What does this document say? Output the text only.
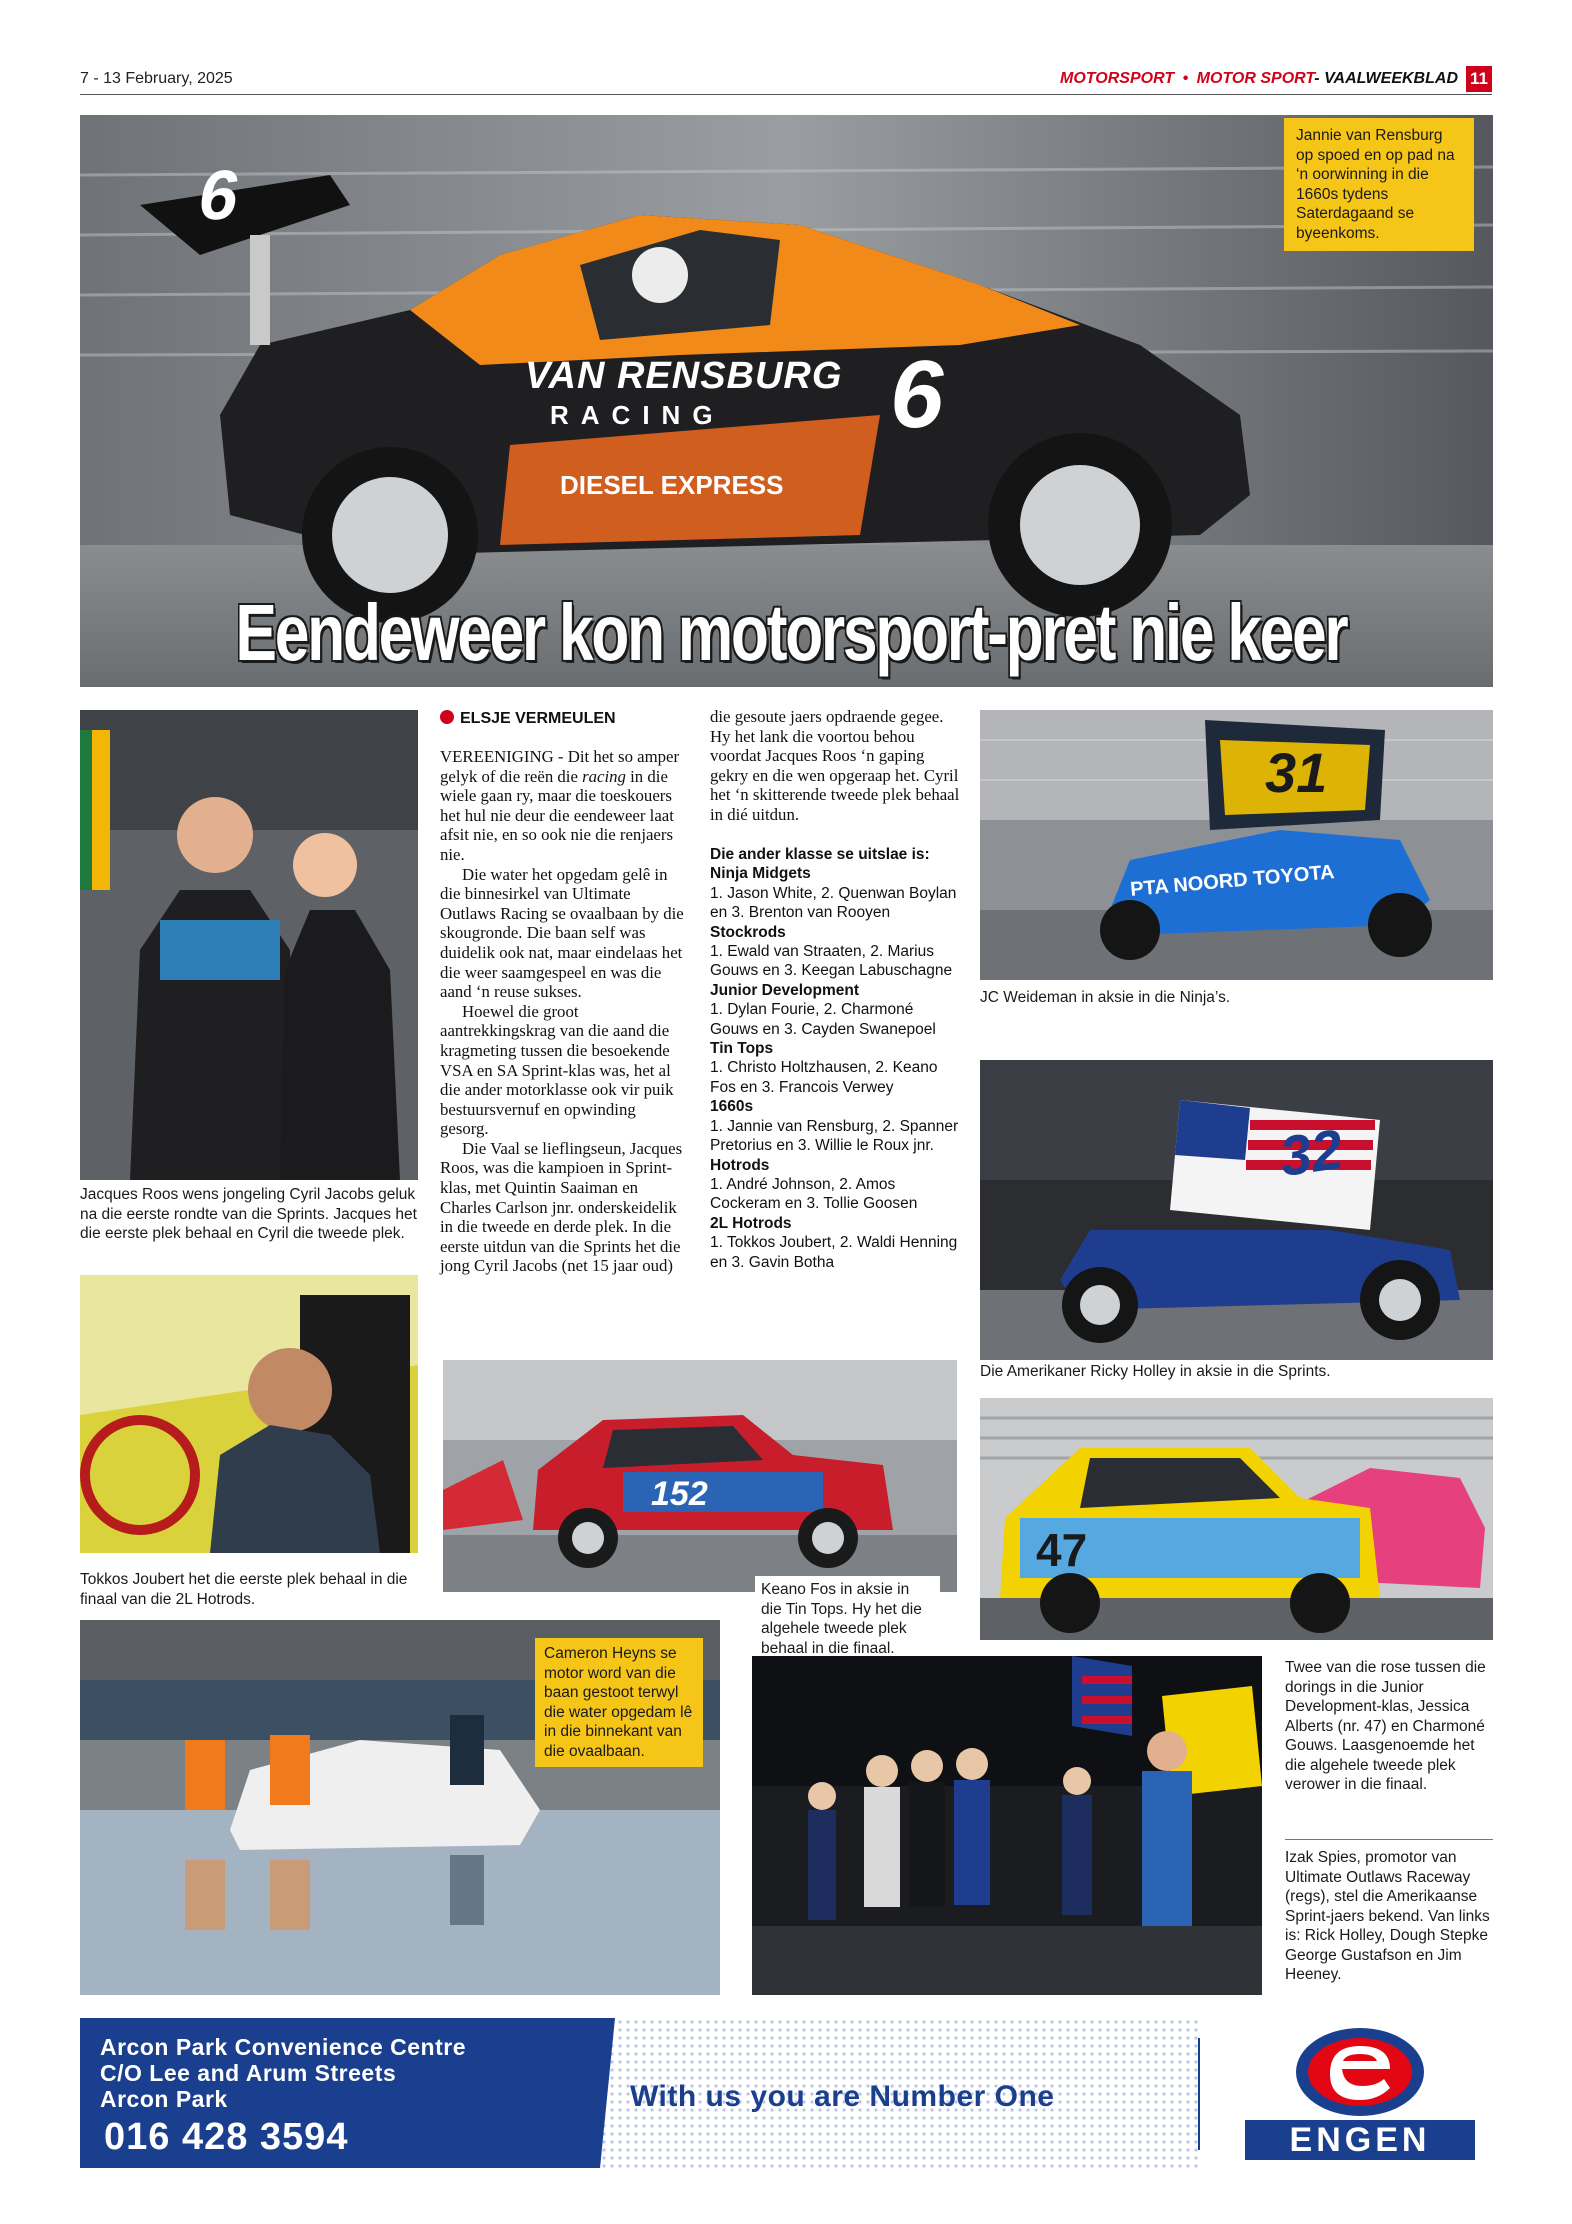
7 - 13 February, 2025	MOTORSPORT • MOTOR SPORT- VAALWEEKBLAD 11
6
VAN RENSBURG
RACING 6
DIESEL EXPRESS
Jannie van Rensburg op spoed en op pad na ‘n oorwinning in die 1660s tydens Saterdagaand se byeenkoms.
Eendeweer kon motorsport-pret nie keer
Jacques Roos wens jongeling Cyril Jacobs geluk na die eerste rondte van die Sprints. Jacques het die eerste plek behaal en Cyril die tweede plek.
Tokkos Joubert het die eerste plek behaal in die finaal van die 2L Hotrods.
ELSJE VERMEULEN

VEREENIGING - Dit het so amper gelyk of die reën die racing in die wiele gaan ry, maar die toeskouers het hul nie deur die eendeweer laat afsit nie, en so ook nie die renjaers nie.

Die water het opgedam gelê in die binnesirkel van Ultimate Outlaws Racing se ovaalbaan by die skougronde. Die baan self was duidelik ook nat, maar eindelaas het die weer saamgespeel en was die aand ‘n reuse sukses.

Hoewel die groot aantrekkingskrag van die aand die kragmeting tussen die besoekende VSA en SA Sprint-klas was, het al die ander motorklasse ook vir puik bestuursvernuf en opwinding gesorg.

Die Vaal se lieflingseun, Jacques Roos, was die kampioen in Sprint-klas, met Quintin Saaiman en Charles Carlson jnr. onderskeidelik in die tweede en derde plek. In die eerste uitdun van die Sprints het die jong Cyril Jacobs (net 15 jaar oud)

die gesoute jaers opdraende gegee. Hy het lank die voortou behou voordat Jacques Roos ‘n gaping gekry en die wen opgeraap het. Cyril het ‘n skitterende tweede plek behaal in dié uitdun.

Die ander klasse se uitslae is:
Ninja Midgets
1. Jason White, 2. Quenwan Boylan en 3. Brenton van Rooyen
Stockrods
1. Ewald van Straaten, 2. Marius Gouws en 3. Keegan Labuschagne
Junior Development
1. Dylan Fourie, 2. Charmoné Gouws en 3. Cayden Swanepoel
Tin Tops
1. Christo Holtzhausen, 2. Keano Fos en 3. Francois Verwey
1660s
1. Jannie van Rensburg, 2. Spanner Pretorius en 3. Willie le Roux jnr.
Hotrods
1. André Johnson, 2. Amos Cockeram en 3. Tollie Goosen
2L Hotrods
1. Tokkos Joubert, 2. Waldi Henning en 3. Gavin Botha
152
Keano Fos in aksie in die Tin Tops. Hy het die algehele tweede plek behaal in die finaal.
31
PTA NOORD TOYOTA
JC Weideman in aksie in die Ninja’s.
32
Die Amerikaner Ricky Holley in aksie in die Sprints.
47
Twee van die rose tussen die dorings in die Junior Development-klas, Jessica Alberts (nr. 47) en Charmoné Gouws. Laasgenoemde het die algehele tweede plek verower in die finaal.
Izak Spies, promotor van Ultimate Outlaws Raceway (regs), stel die Amerikaanse Sprint-jaers bekend. Van links is: Rick Holley, Dough Stepke George Gustafson en Jim Heeney.
Cameron Heyns se motor word van die baan gestoot terwyl die water opgedam lê in die binnekant van die ovaalbaan.
Arcon Park Convenience Centre
C/O Lee and Arum Streets
Arcon Park
016 428 3594
With us you are Number One
ENGEN
